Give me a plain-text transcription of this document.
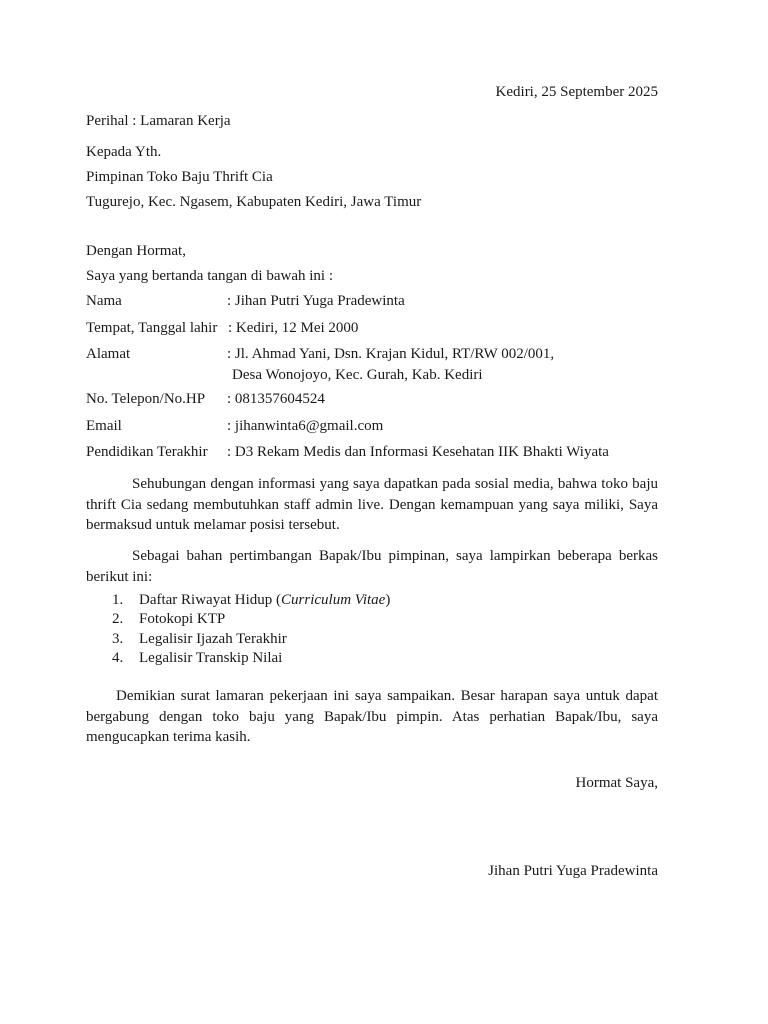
Kediri, 25 September 2025
Perihal : Lamaran Kerja
Kepada Yth.
Pimpinan Toko Baju Thrift Cia
Tugurejo, Kec. Ngasem, Kabupaten Kediri, Jawa Timur
Dengan Hormat,
Saya yang bertanda tangan di bawah ini :
Nama	: Jihan Putri Yuga Pradewinta
Tempat, Tanggal lahir : Kediri, 12 Mei 2000
Alamat	: Jl. Ahmad Yani, Dsn. Krajan Kidul, RT/RW 002/001,
Desa Wonojoyo, Kec. Gurah, Kab. Kediri
No. Telepon/No.HP : 081357604524
Email	: jihanwinta6@gmail.com
Pendidikan Terakhir : D3 Rekam Medis dan Informasi Kesehatan IIK Bhakti Wiyata
Sehubungan dengan informasi yang saya dapatkan pada sosial media, bahwa toko baju thrift Cia sedang membutuhkan staff admin live. Dengan kemampuan yang saya miliki, Saya bermaksud untuk melamar posisi tersebut.
Sebagai bahan pertimbangan Bapak/Ibu pimpinan, saya lampirkan beberapa berkas berikut ini:
1.	Daftar Riwayat Hidup (Curriculum Vitae)
2.	Fotokopi KTP
3.	Legalisir Ijazah Terakhir
4.	Legalisir Transkip Nilai
Demikian surat lamaran pekerjaan ini saya sampaikan. Besar harapan saya untuk dapat bergabung dengan toko baju yang Bapak/Ibu pimpin. Atas perhatian Bapak/Ibu, saya mengucapkan terima kasih.
Hormat Saya,
Jihan Putri Yuga Pradewinta
